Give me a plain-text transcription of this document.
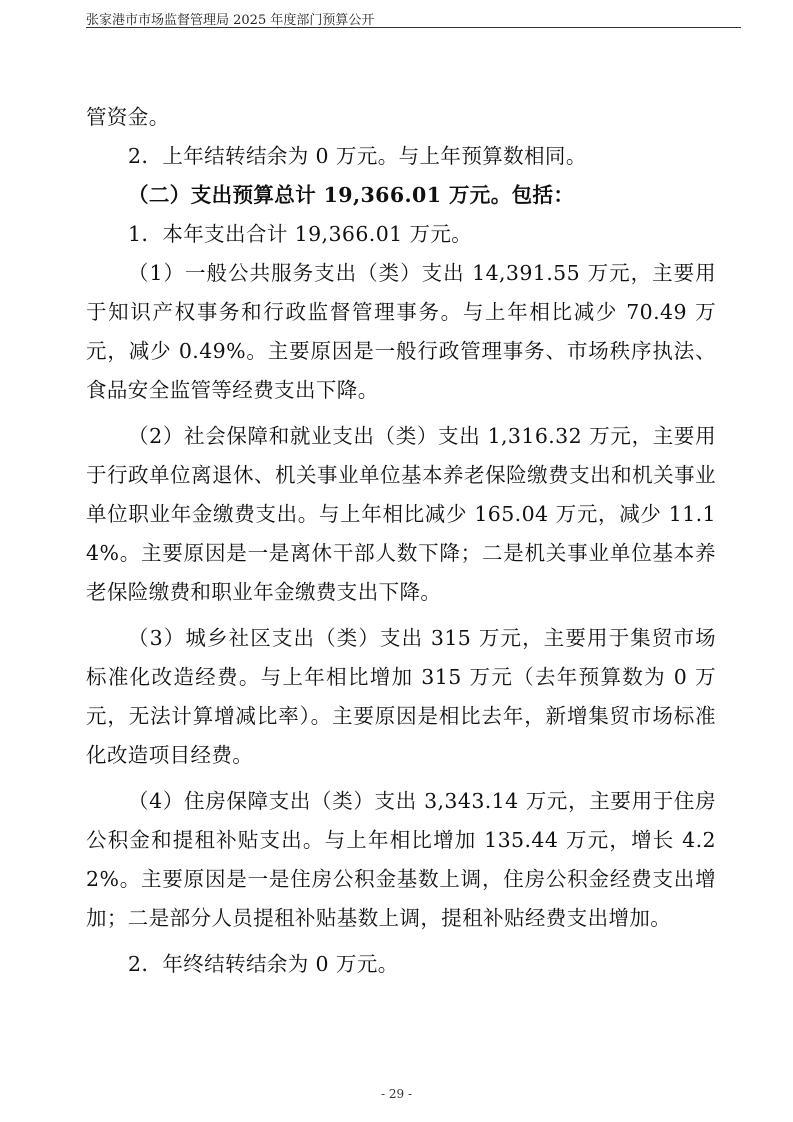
张家港市市场监督管理局 2025 年度部门预算公开

管资金。

2．上年结转结余为 0 万元。与上年预算数相同。

（二）支出预算总计 19,366.01 万元。包括：

1．本年支出合计 19,366.01 万元。

（1）一般公共服务支出（类）支出 14,391.55 万元，主要用于知识产权事务和行政监督管理事务。与上年相比减少 70.49 万元，减少 0.49%。主要原因是一般行政管理事务、市场秩序执法、食品安全监管等经费支出下降。

（2）社会保障和就业支出（类）支出 1,316.32 万元，主要用于行政单位离退休、机关事业单位基本养老保险缴费支出和机关事业单位职业年金缴费支出。与上年相比减少 165.04 万元，减少 11.14%。主要原因是一是离休干部人数下降；二是机关事业单位基本养老保险缴费和职业年金缴费支出下降。

（3）城乡社区支出（类）支出 315 万元，主要用于集贸市场标准化改造经费。与上年相比增加 315 万元（去年预算数为 0 万元，无法计算增减比率）。主要原因是相比去年，新增集贸市场标准化改造项目经费。

（4）住房保障支出（类）支出 3,343.14 万元，主要用于住房公积金和提租补贴支出。与上年相比增加 135.44 万元，增长 4.22%。主要原因是一是住房公积金基数上调，住房公积金经费支出增加；二是部分人员提租补贴基数上调，提租补贴经费支出增加。

2．年终结转结余为 0 万元。

- 29 -
